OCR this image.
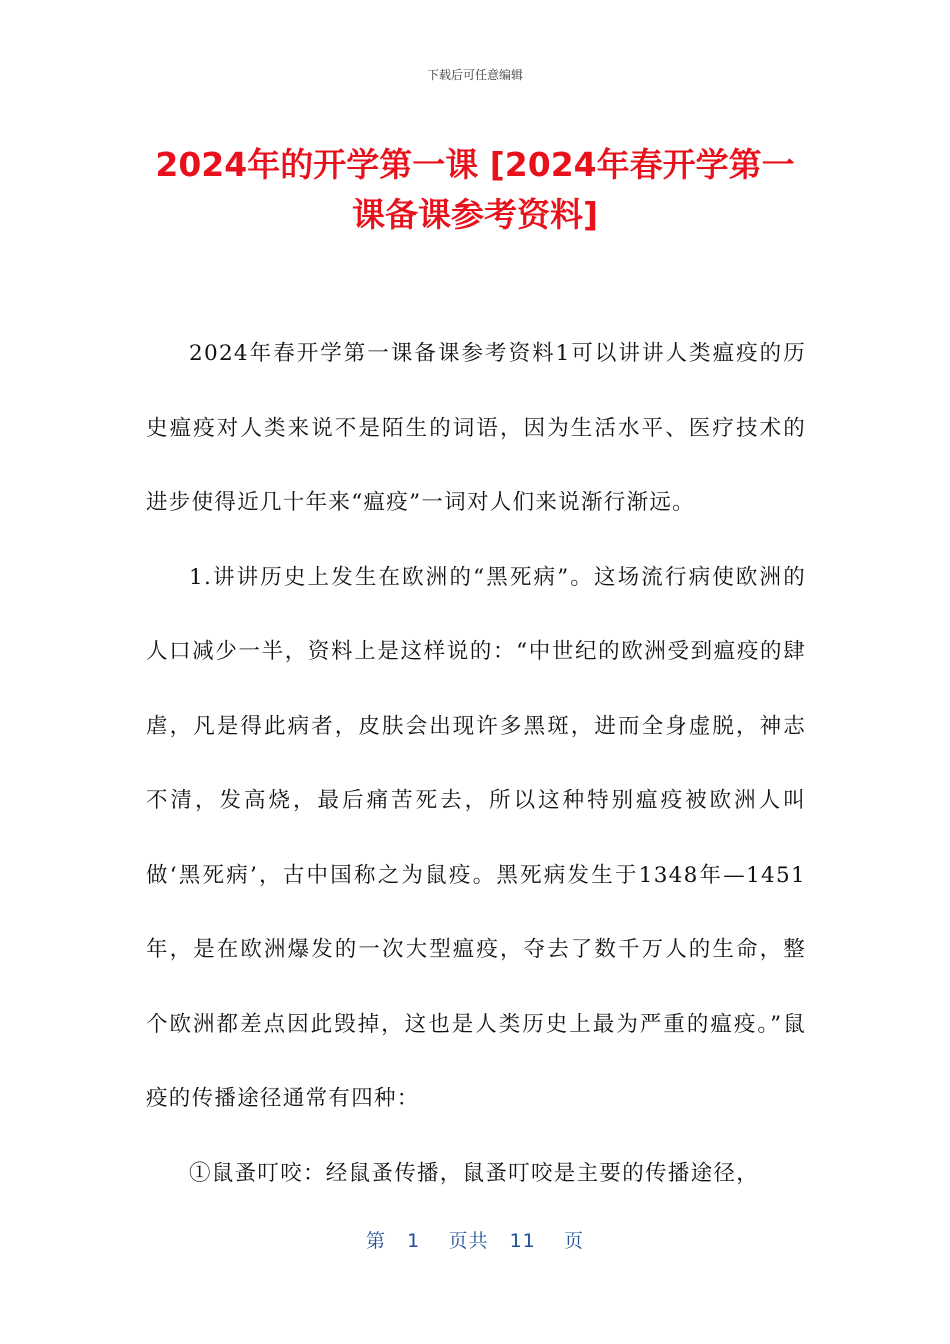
下载后可任意编辑
2024年的开学第一课 [2024年春开学第一
课备课参考资料]

2024年春开学第一课备课参考资料1可以讲讲人类瘟疫的历史瘟疫对人类来说不是陌生的词语，因为生活水平、医疗技术的进步使得近几十年来“瘟疫”一词对人们来说渐行渐远。

1.讲讲历史上发生在欧洲的“黑死病”。这场流行病使欧洲的人口减少一半，资料上是这样说的：“中世纪的欧洲受到瘟疫的肆虐，凡是得此病者，皮肤会出现许多黑斑，进而全身虚脱，神志不清，发高烧，最后痛苦死去，所以这种特别瘟疫被欧洲人叫做‘黑死病’，古中国称之为鼠疫。黑死病发生于1348年—1451年，是在欧洲爆发的一次大型瘟疫，夺去了数千万人的生命，整个欧洲都差点因此毁掉，这也是人类历史上最为严重的瘟疫。”鼠疫的传播途径通常有四种：

①鼠蚤叮咬：经鼠蚤传播，鼠蚤叮咬是主要的传播途径，

第 1 页共 11 页
